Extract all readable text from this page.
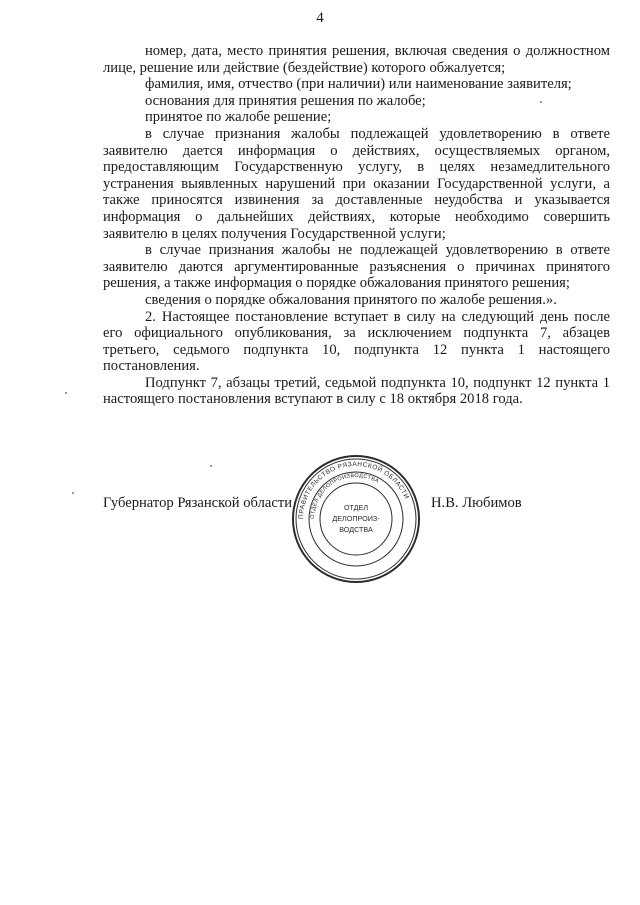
4

номер, дата, место принятия решения, включая сведения о должностном лице, решение или действие (бездействие) которого обжалуется;

фамилия, имя, отчество (при наличии) или наименование заявителя;

основания для принятия решения по жалобе;

принятое по жалобе решение;

в случае признания жалобы подлежащей удовлетворению в ответе заявителю дается информация о действиях, осуществляемых органом, предоставляющим Государственную услугу, в целях незамедлительного устранения выявленных нарушений при оказании Государственной услуги, а также приносятся извинения за доставленные неудобства и указывается информация о дальнейших действиях, которые необходимо совершить заявителю в целях получения Государственной услуги;

в случае признания жалобы не подлежащей удовлетворению в ответе заявителю даются аргументированные разъяснения о причинах принятого решения, а также информация о порядке обжалования принятого решения;

сведения о порядке обжалования принятого по жалобе решения.».

2. Настоящее постановление вступает в силу на следующий день после его официального опубликования, за исключением подпункта 7, абзацев третьего, седьмого подпункта 10, подпункта 12 пункта 1 настоящего постановления.

Подпункт 7, абзацы третий, седьмой подпункта 10, подпункт 12 пункта 1 настоящего постановления вступают в силу с 18 октября 2018 года.

Губернатор Рязанской области	Н.В. Любимов
ПРАВИТЕЛЬСТВО РЯЗАНСКОЙ ОБЛАСТИ
ОТДЕЛ ДЕЛОПРОИЗВОДСТВА
ОТДЕЛ
ДЕЛОПРОИЗ-
ВОДСТВА
